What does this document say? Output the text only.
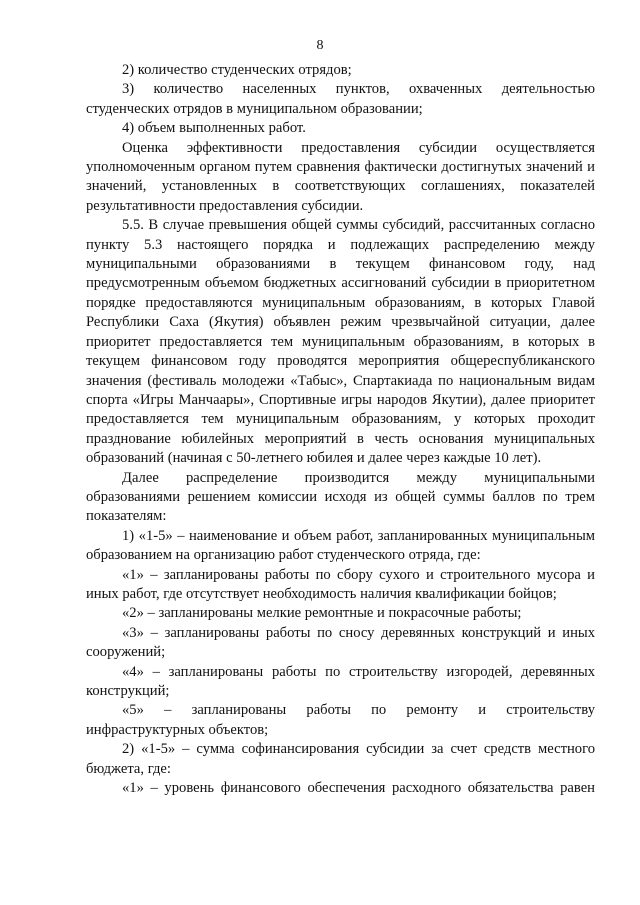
8

2) количество студенческих отрядов;

3) количество населенных пунктов, охваченных деятельностью студенческих отрядов в муниципальном образовании;

4) объем выполненных работ.

Оценка эффективности предоставления субсидии осуществляется уполномоченным органом путем сравнения фактически достигнутых значений и значений, установленных в соответствующих соглашениях, показателей результативности предоставления субсидии.

5.5. В случае превышения общей суммы субсидий, рассчитанных согласно пункту 5.3 настоящего порядка и подлежащих распределению между муниципальными образованиями в текущем финансовом году, над предусмотренным объемом бюджетных ассигнований субсидии в приоритетном порядке предоставляются муниципальным образованиям, в которых Главой Республики Саха (Якутия) объявлен режим чрезвычайной ситуации, далее приоритет предоставляется тем муниципальным образованиям, в которых в текущем финансовом году проводятся мероприятия общереспубликанского значения (фестиваль молодежи «Табыс», Спартакиада по национальным видам спорта «Игры Манчаары», Спортивные игры народов Якутии), далее приоритет предоставляется тем муниципальным образованиям, у которых проходит празднование юбилейных мероприятий в честь основания муниципальных образований (начиная с 50-летнего юбилея и далее через каждые 10 лет).

Далее распределение производится между муниципальными образованиями решением комиссии исходя из общей суммы баллов по трем показателям:

1) «1-5» – наименование и объем работ, запланированных муниципальным образованием на организацию работ студенческого отряда, где:

«1» – запланированы работы по сбору сухого и строительного мусора и иных работ, где отсутствует необходимость наличия квалификации бойцов;

«2» – запланированы мелкие ремонтные и покрасочные работы;

«3» – запланированы работы по сносу деревянных конструкций и иных сооружений;

«4» – запланированы работы по строительству изгородей, деревянных конструкций;

«5» – запланированы работы по ремонту и строительству инфраструктурных объектов;

2) «1-5» – сумма софинансирования субсидии за счет средств местного бюджета, где:

«1» – уровень финансового обеспечения расходного обязательства равен
